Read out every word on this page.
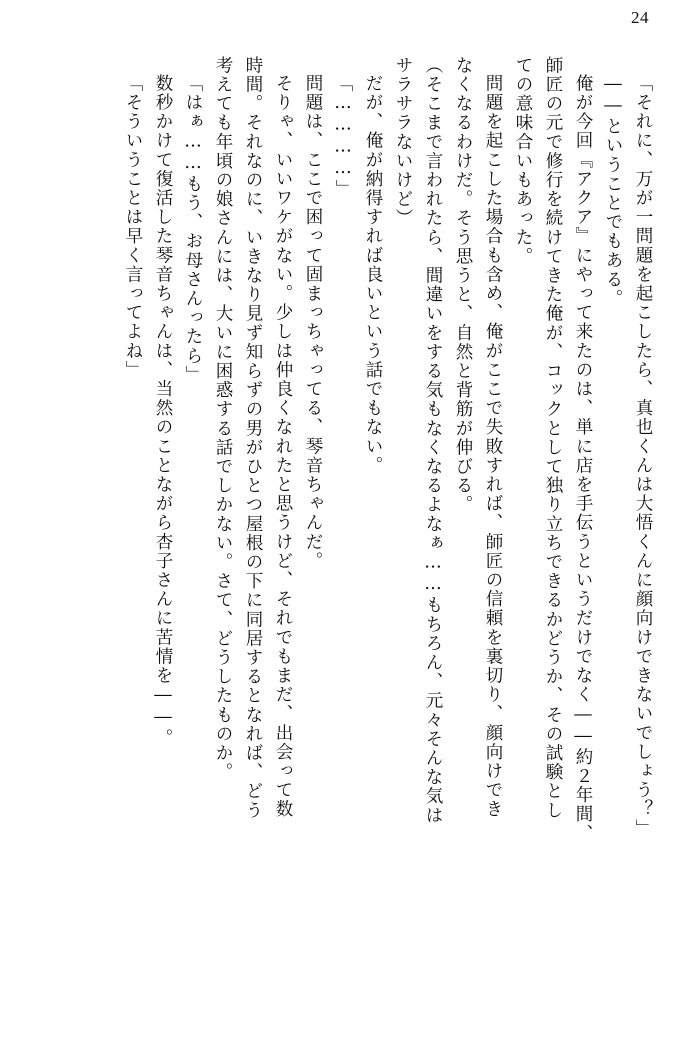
24
「それに、万が一問題を起こしたら、真也くんは大悟くんに顔向けできないでしょう？」
――ということでもある。
俺が今回『アクア』にやって来たのは、単に店を手伝うというだけでなく――約２年間、
師匠の元で修行を続けてきた俺が、コックとして独り立ちできるかどうか、その試験とし
ての意味合いもあった。
問題を起こした場合も含め、俺がここで失敗すれば、師匠の信頼を裏切り、顔向けでき
なくなるわけだ。そう思うと、自然と背筋が伸びる。
（そこまで言われたら、間違いをする気もなくなるよなぁ……もちろん、元々そんな気は
サラサラないけど）
だが、俺が納得すれば良いという話でもない。
「…………」
問題は、ここで困って固まっちゃってる、琴音ちゃんだ。
そりゃ、いいワケがない。少しは仲良くなれたと思うけど、それでもまだ、出会って数
時間。それなのに、いきなり見ず知らずの男がひとつ屋根の下に同居するとなれば、どう
考えても年頃の娘さんには、大いに困惑する話でしかない。さて、どうしたものか。
「はぁ……もう、お母さんったら」
数秒かけて復活した琴音ちゃんは、当然のことながら杏子さんに苦情を――。
「そういうことは早く言ってよね」
